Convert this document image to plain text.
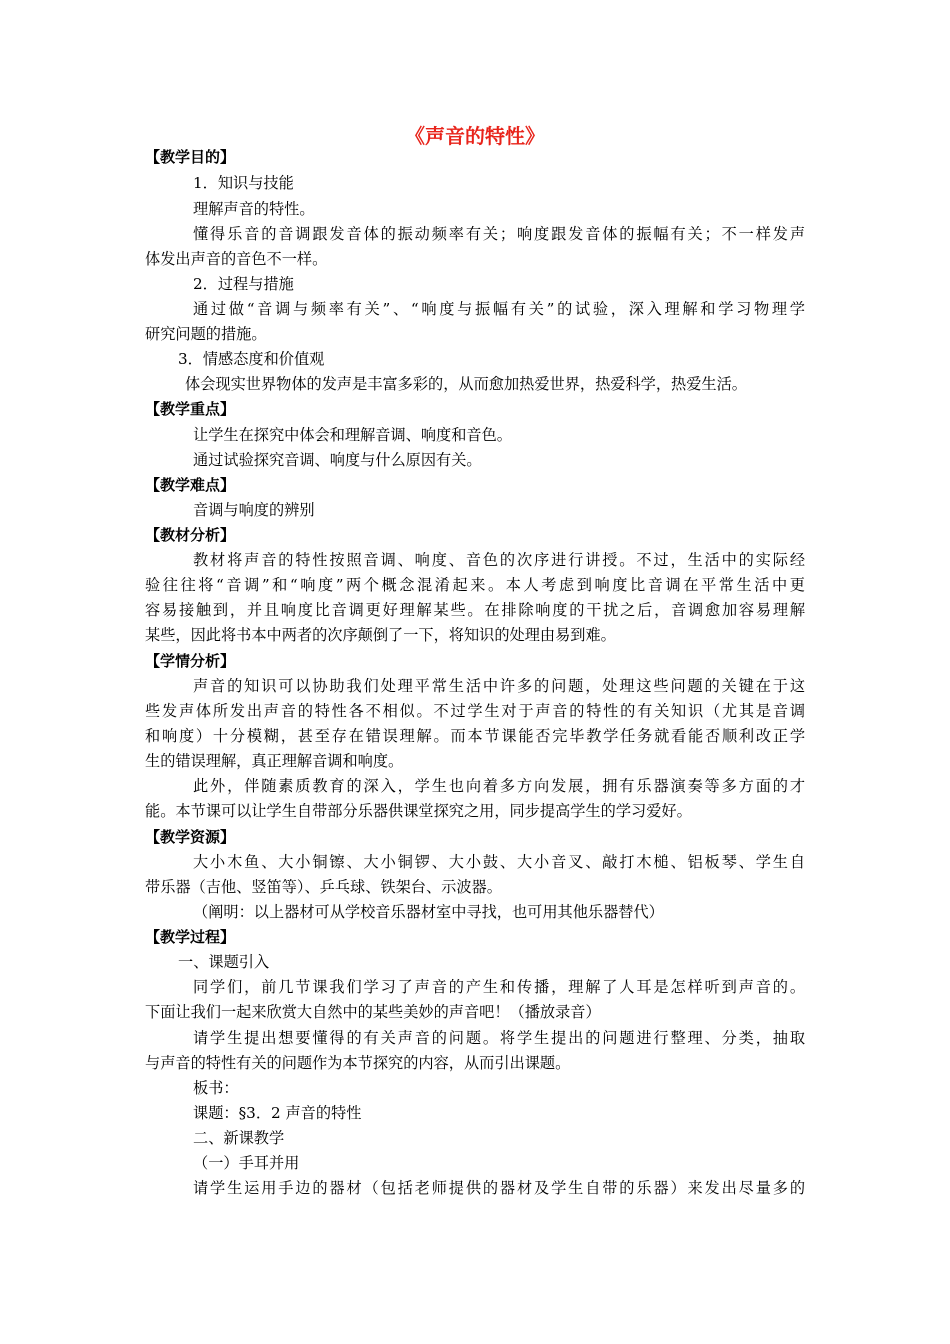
《声音的特性》
【教学目的】
1．知识与技能
理解声音的特性。
懂得乐音的音调跟发音体的振动频率有关；响度跟发音体的振幅有关；不一样发声
体发出声音的音色不一样。
2．过程与措施
通过做“音调与频率有关”、“响度与振幅有关”的试验，深入理解和学习物理学
研究问题的措施。
3．情感态度和价值观
体会现实世界物体的发声是丰富多彩的，从而愈加热爱世界，热爱科学，热爱生活。
【教学重点】
让学生在探究中体会和理解音调、响度和音色。
通过试验探究音调、响度与什么原因有关。
【教学难点】
音调与响度的辨别
【教材分析】
教材将声音的特性按照音调、响度、音色的次序进行讲授。不过，生活中的实际经
验往往将“音调”和“响度”两个概念混淆起来。本人考虑到响度比音调在平常生活中更
容易接触到，并且响度比音调更好理解某些。在排除响度的干扰之后，音调愈加容易理解
某些，因此将书本中两者的次序颠倒了一下，将知识的处理由易到难。
【学情分析】
声音的知识可以协助我们处理平常生活中许多的问题，处理这些问题的关键在于这
些发声体所发出声音的特性各不相似。不过学生对于声音的特性的有关知识（尤其是音调
和响度）十分模糊，甚至存在错误理解。而本节课能否完毕教学任务就看能否顺利改正学
生的错误理解，真正理解音调和响度。
此外，伴随素质教育的深入，学生也向着多方向发展，拥有乐器演奏等多方面的才
能。本节课可以让学生自带部分乐器供课堂探究之用，同步提高学生的学习爱好。
【教学资源】
大小木鱼、大小铜镲、大小铜锣、大小鼓、大小音叉、敲打木槌、铝板琴、学生自
带乐器（吉他、竖笛等）、乒乓球、铁架台、示波器。
（阐明：以上器材可从学校音乐器材室中寻找，也可用其他乐器替代）
【教学过程】
一、课题引入
同学们，前几节课我们学习了声音的产生和传播，理解了人耳是怎样听到声音的。
下面让我们一起来欣赏大自然中的某些美妙的声音吧！（播放录音）
请学生提出想要懂得的有关声音的问题。将学生提出的问题进行整理、分类，抽取
与声音的特性有关的问题作为本节探究的内容，从而引出课题。
板书：
课题：§3．2 声音的特性
二、新课教学
（一）手耳并用
请学生运用手边的器材（包括老师提供的器材及学生自带的乐器）来发出尽量多的
